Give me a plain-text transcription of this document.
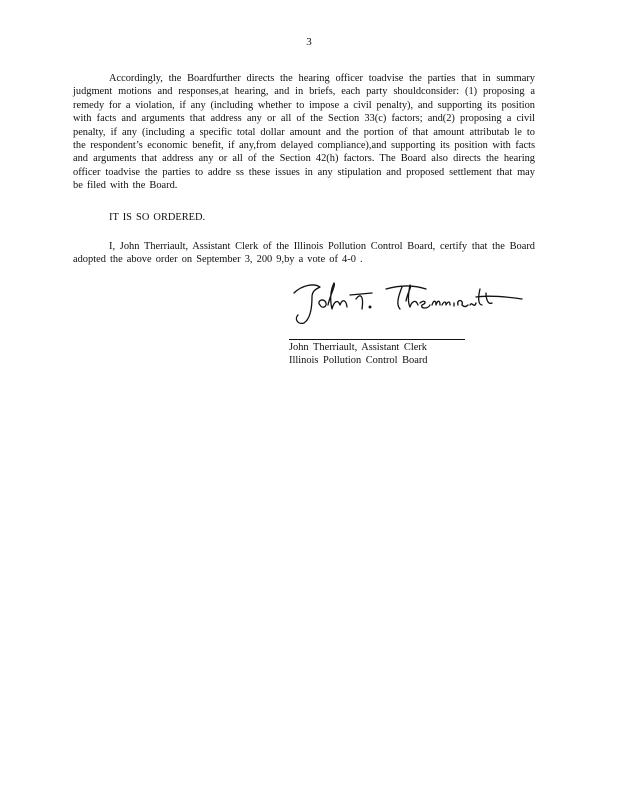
3

Accordingly, the Boardfurther directs the hearing officer toadvise the parties that in summary judgment motions and responses,at hearing, and in briefs, each party shouldconsider: (1) proposing a remedy for a violation, if any (including whether to impose a civil penalty), and supporting its position with facts and arguments that address any or all of the Section 33(c) factors; and(2) proposing a civil penalty, if any (including a specific total dollar amount and the portion of that amount attributab le to the respondent’s economic benefit, if any,from delayed compliance),and supporting its position with facts and arguments that address any or all of the Section 42(h) factors. The Board also directs the hearing officer toadvise the parties to addre ss these issues in any stipulation and proposed settlement that may be filed with the Board.

IT IS SO ORDERED.

I, John Therriault, Assistant Clerk of the Illinois Pollution Control Board, certify that the Board adopted the above order on September 3, 200 9,by a vote of 4-0 .

John Therriault, Assistant Clerk
Illinois Pollution Control Board
